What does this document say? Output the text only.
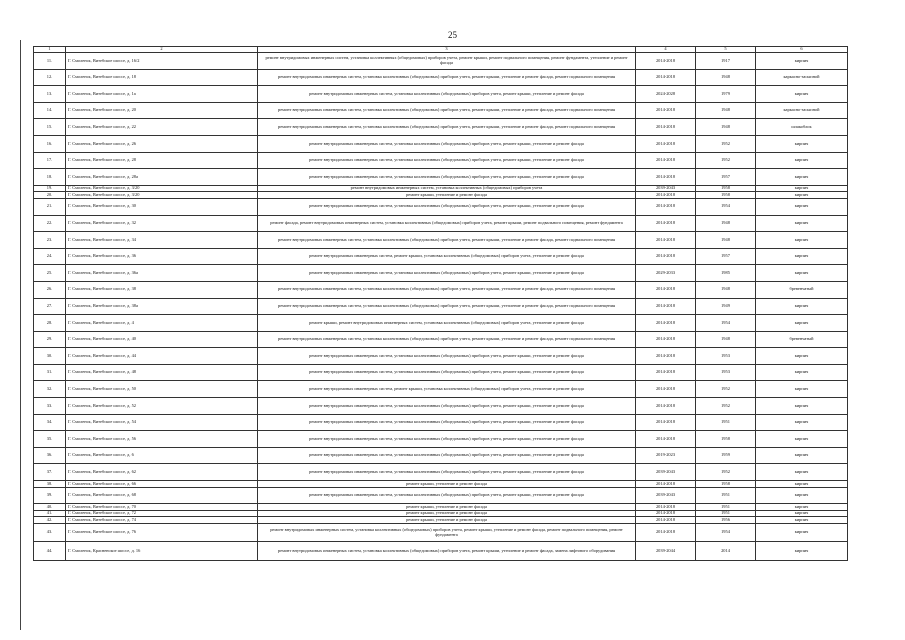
25
1	2	3	4	5	6
11.	Г. Смоленск, Витебское шоссе, д. 16/2	ремонт внутридомовых инженерных систем, установка коллективных (общедомовых) приборов учета, ремонт крыши, ремонт подвального помещения, ремонт фундамента, утепление и ремонт фасада	2014-2018	1917	кирпич
12.	Г. Смоленск, Витебское шоссе, д. 18	ремонт внутридомовых инженерных систем, установка коллективных (общедомовых) приборов учета, ремонт крыши, утепление и ремонт фасада, ремонт подвального помещения	2014-2018	1948	каркасно-засыпной
13.	Г. Смоленск, Витебское шоссе, д. 1а	ремонт внутридомовых инженерных систем, установка коллективных (общедомовых) приборов учета, ремонт крыши, утепление и ремонт фасада	2024-2028	1979	кирпич
14.	Г. Смоленск, Витебское шоссе, д. 20	ремонт внутридомовых инженерных систем, установка коллективных (общедомовых) приборов учета, ремонт крыши, утепление и ремонт фасада, ремонт подвального помещения	2014-2018	1948	каркасно-засыпной
15.	Г. Смоленск, Витебское шоссе, д. 22	ремонт внутридомовых инженерных систем, установка коллективных (общедомовых) приборов учета, ремонт крыши, утепление и ремонт фасада, ремонт подвального помещения	2014-2018	1948	шлакоблок
16.	Г. Смоленск, Витебское шоссе, д. 26	ремонт внутридомовых инженерных систем, установка коллективных (общедомовых) приборов учета, ремонт крыши, утепление и ремонт фасада	2014-2018	1952	кирпич
17.	Г. Смоленск, Витебское шоссе, д. 28	ремонт внутридомовых инженерных систем, установка коллективных (общедомовых) приборов учета, ремонт крыши, утепление и ремонт фасада	2014-2018	1952	кирпич
18.	Г. Смоленск, Витебское шоссе, д. 28а	ремонт внутридомовых инженерных систем, установка коллективных (общедомовых) приборов учета, ремонт крыши, утепление и ремонт фасада	2014-2018	1957	кирпич
19.	Г. Смоленск, Витебское шоссе, д. 3/20	ремонт внутридомовых инженерных систем, установка коллективных (общедомовых) приборов учета	2039-2043	1958	кирпич
20.	Г. Смоленск, Витебское шоссе, д. 3/20	ремонт крыши, утепление и ремонт фасада	2014-2018	1958	кирпич
21.	Г. Смоленск, Витебское шоссе, д. 30	ремонт внутридомовых инженерных систем, установка коллективных (общедомовых) приборов учета, ремонт крыши, утепление и ремонт фасада	2014-2018	1954	кирпич
22.	Г. Смоленск, Витебское шоссе, д. 32	ремонт фасада, ремонт внутридомовых инженерных систем, установка коллективных (общедомовых) приборов учета, ремонт крыши, ремонт подвального помещения, ремонт фундамента	2014-2018	1948	кирпич
23.	Г. Смоленск, Витебское шоссе, д. 34	ремонт внутридомовых инженерных систем, установка коллективных (общедомовых) приборов учета, ремонт крыши, утепление и ремонт фасада, ремонт подвального помещения	2014-2018	1948	кирпич
24.	Г. Смоленск, Витебское шоссе, д. 36	ремонт внутридомовых инженерных систем, ремонт крыши, установка коллективных (общедомовых) приборов учета, утепление и ремонт фасада	2014-2018	1957	кирпич
25.	Г. Смоленск, Витебское шоссе, д. 36а	ремонт внутридомовых инженерных систем, установка коллективных (общедомовых) приборов учета, ремонт крыши, утепление и ремонт фасада	2029-2033	1985	кирпич
26.	Г. Смоленск, Витебское шоссе, д. 38	ремонт внутридомовых инженерных систем, установка коллективных (общедомовых) приборов учета, ремонт крыши, утепление и ремонт фасада, ремонт подвального помещения	2014-2018	1948	бревенчатый
27.	Г. Смоленск, Витебское шоссе, д. 38а	ремонт внутридомовых инженерных систем, установка коллективных (общедомовых) приборов учета, ремонт крыши, утепление и ремонт фасада, ремонт подвального помещения	2014-2018	1949	кирпич
28.	Г. Смоленск, Витебское шоссе, д. 4	ремонт крыши, ремонт внутридомовых инженерных систем, установка коллективных (общедомовых) приборов учета, утепление и ремонт фасада	2014-2018	1954	кирпич
29.	Г. Смоленск, Витебское шоссе, д. 40	ремонт внутридомовых инженерных систем, установка коллективных (общедомовых) приборов учета, ремонт крыши, утепление и ремонт фасада, ремонт подвального помещения	2014-2018	1948	бревенчатый
30.	Г. Смоленск, Витебское шоссе, д. 44	ремонт внутридомовых инженерных систем, установка коллективных (общедомовых) приборов учета, ремонт крыши, утепление и ремонт фасада	2014-2018	1953	кирпич
31.	Г. Смоленск, Витебское шоссе, д. 48	ремонт внутридомовых инженерных систем, установка коллективных (общедомовых) приборов учета, ремонт крыши, утепление и ремонт фасада	2014-2018	1953	кирпич
32.	Г. Смоленск, Витебское шоссе, д. 50	ремонт внутридомовых инженерных систем, ремонт крыши, установка коллективных (общедомовых) приборов учета, утепление и ремонт фасада	2014-2018	1952	кирпич
33.	Г. Смоленск, Витебское шоссе, д. 52	ремонт внутридомовых инженерных систем, установка коллективных (общедомовых) приборов учета, ремонт крыши, утепление и ремонт фасада	2014-2018	1952	кирпич
34.	Г. Смоленск, Витебское шоссе, д. 54	ремонт внутридомовых инженерных систем, установка коллективных (общедомовых) приборов учета, ремонт крыши, утепление и ремонт фасада	2014-2018	1951	кирпич
35.	Г. Смоленск, Витебское шоссе, д. 56	ремонт внутридомовых инженерных систем, установка коллективных (общедомовых) приборов учета, ремонт крыши, утепление и ремонт фасада	2014-2018	1958	кирпич
36.	Г. Смоленск, Витебское шоссе, д. 6	ремонт внутридомовых инженерных систем, установка коллективных (общедомовых) приборов учета, ремонт крыши, утепление и ремонт фасада	2019-2023	1959	кирпич
37.	Г. Смоленск, Витебское шоссе, д. 62	ремонт внутридомовых инженерных систем, установка коллективных (общедомовых) приборов учета, ремонт крыши, утепление и ремонт фасада	2039-2043	1952	кирпич
38.	Г. Смоленск, Витебское шоссе, д. 66	ремонт крыши, утепление и ремонт фасада	2014-2018	1958	кирпич
39.	Г. Смоленск, Витебское шоссе, д. 68	ремонт внутридомовых инженерных систем, установка коллективных (общедомовых) приборов учета, ремонт крыши, утепление и ремонт фасада	2039-2043	1951	кирпич
40.	Г. Смоленск, Витебское шоссе, д. 70	ремонт крыши, утепление и ремонт фасада	2014-2018	1951	кирпич
41.	Г. Смоленск, Витебское шоссе, д. 72	ремонт крыши, утепление и ремонт фасада	2014-2018	1951	кирпич
42.	Г. Смоленск, Витебское шоссе, д. 74	ремонт крыши, утепление и ремонт фасада	2014-2018	1956	кирпич
43.	Г. Смоленск, Витебское шоссе, д. 76	ремонт внутридомовых инженерных систем, установка коллективных (общедомовых) приборов учета, ремонт крыши, утепление и ремонт фасада, ремонт подвального помещения, ремонт фундамента	2014-2018	1954	кирпич
44.	Г. Смоленск, Красненское шоссе, д. 16	ремонт внутридомовых инженерных систем, установка коллективных (общедомовых) приборов учета, ремонт крыши, утепление и ремонт фасада, замена лифтового оборудования	2039-2044	2014	кирпич
